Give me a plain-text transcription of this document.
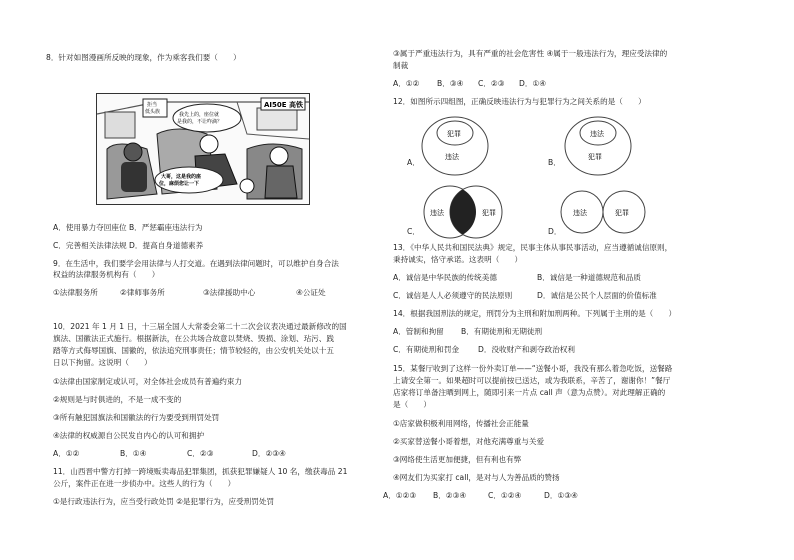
8．针对如图漫画所反映的现象，作为乘客我们要（　　）
拒当
低头族
AI50E 高铁
我先上的，座位就
是我的，不让咋滴？
大哥，这是我的座
位，麻烦您让一下
A．使用暴力夺回座位 B．严惩霸座违法行为
C．完善相关法律法规 D．提高自身道德素养
9．在生活中，我们要学会用法律与人打交道。在遇到法律问题时，可以维护自身合法
权益的法律服务机构有（　　）
①法律服务所	②律师事务所	③法律援助中心	④公证处
10．2021 年 1 月 1 日，十三届全国人大常委会第二十二次会议表决通过最新修改的国
旗法、国徽法正式施行。根据新法，在公共场合故意以焚烧、毁损、涂划、玷污、践
踏等方式侮辱国旗、国徽的，依法追究刑事责任；情节较轻的，由公安机关处以十五
日以下拘留。这说明（　　）
①法律由国家制定或认可，对全体社会成员有普遍约束力
②规则是与时俱进的，不是一成不变的
③所有触犯国旗法和国徽法的行为要受到刑罚处罚
④法律的权威源自公民发自内心的认可和拥护
A．①②	B．①④	C．②③	D．②③④
11．山西晋中警方打掉一跨境贩卖毒品犯罪集团，抓获犯罪嫌疑人 10 名，缴获毒品 21
公斤，案件正在进一步侦办中。这些人的行为（　　）
①是行政违法行为，应当受行政处罚 ②是犯罪行为，应受刑罚处罚
③属于严重违法行为，具有严重的社会危害性 ④属于一般违法行为，理应受法律的
制裁
A．①② B．③④ C．②③ D．①④
12．如图所示四组图，正确反映违法行为与犯罪行为之间关系的是（　　）
A．
犯罪
违法
B．
违法
犯罪
C．
违法	犯罪
D．
违法	犯罪
13．《中华人民共和国民法典》规定，民事主体从事民事活动，应当遵循诚信原则，
秉持诚实，恪守承诺。这表明（　　）
A．诚信是中华民族的传统美德	B．诚信是一种道德规范和品质
C．诚信是人人必须遵守的民法原则	D．诚信是公民个人层面的价值标准
14．根据我国刑法的规定，刑罚分为主刑和附加刑两种。下列属于主刑的是（　　）
A．管制和拘留 B．有期徒刑和无期徒刑
C．有期徒刑和罚金 D．没收财产和剥夺政治权利
15．某餐厅收到了这样一份外卖订单——“送餐小哥，我没有那么着急吃饭，送餐路
上请安全第一。如果超时可以提前按已送达，或为我联系，辛苦了，谢谢你！”餐厅
店家将订单备注晒到网上，随即引来一片点 call 声（意为点赞）。对此理解正确的
是（　　）
①店家做积极利用网络，传播社会正能量
②买家替送餐小哥着想，对他充满尊重与关爱
③网络使生活更加便捷，但有利也有弊
④网友们为买家打 call，是对与人为善品质的赞扬
A．①②③ B．②③④	C．①②④	D．①③④
